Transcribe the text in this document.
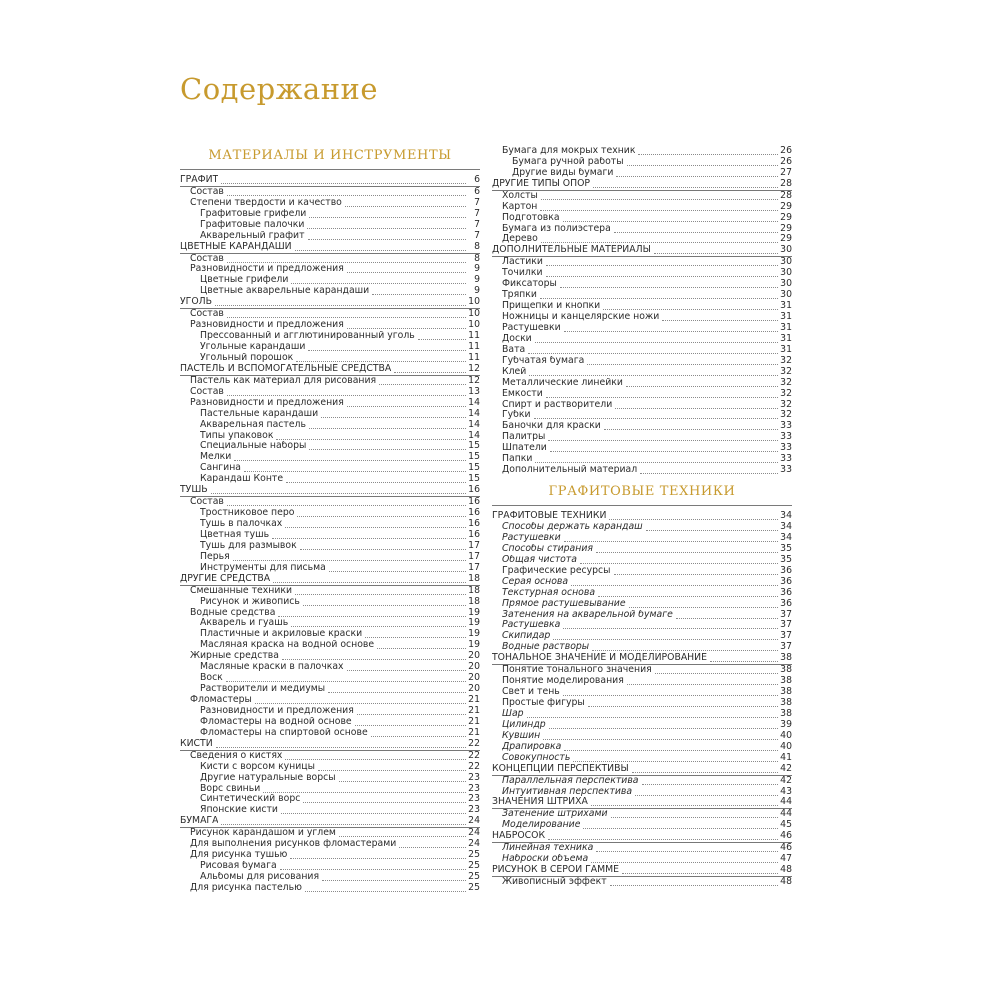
Содержание
МАТЕРИАЛЫ И ИНСТРУМЕНТЫ
ГРАФИТ	6
Состав	6
Степени твердости и качество	7
Графитовые грифели	7
Графитовые палочки	7
Акварельный графит	7
ЦВЕТНЫЕ КАРАНДАШИ	8
Состав	8
Разновидности и предложения	9
Цветные грифели	9
Цветные акварельные карандаши	9
УГОЛЬ	10
Состав	10
Разновидности и предложения	10
Прессованный и агглютинированный уголь	11
Угольные карандаши	11
Угольный порошок	11
ПАСТЕЛЬ И ВСПОМОГАТЕЛЬНЫЕ СРЕДСТВА	12
Пастель как материал для рисования	12
Состав	13
Разновидности и предложения	14
Пастельные карандаши	14
Акварельная пастель	14
Типы упаковок	14
Специальные наборы	15
Мелки	15
Сангина	15
Карандаш Конте	15
ТУШЬ	16
Состав	16
Тростниковое перо	16
Тушь в палочках	16
Цветная тушь	16
Тушь для размывок	17
Перья	17
Инструменты для письма	17
ДРУГИЕ СРЕДСТВА	18
Смешанные техники	18
Рисунок и живопись	18
Водные средства	19
Акварель и гуашь	19
Пластичные и акриловые краски	19
Масляная краска на водной основе	19
Жирные средства	20
Масляные краски в палочках	20
Воск	20
Растворители и медиумы	20
Фломастеры	21
Разновидности и предложения	21
Фломастеры на водной основе	21
Фломастеры на спиртовой основе	21
КИСТИ	22
Сведения о кистях	22
Кисти с ворсом куницы	22
Другие натуральные ворсы	23
Ворс свиньи	23
Синтетический ворс	23
Японские кисти	23
БУМАГА	24
Рисунок карандашом и углем	24
Для выполнения рисунков фломастерами	24
Для рисунка тушью	25
Рисовая бумага	25
Альбомы для рисования	25
Для рисунка пастелью	25
Бумага для мокрых техник	26
Бумага ручной работы	26
Другие виды бумаги	27
ДРУГИЕ ТИПЫ ОПОР	28
Холсты	28
Картон	29
Подготовка	29
Бумага из полиэстера	29
Дерево	29
ДОПОЛНИТЕЛЬНЫЕ МАТЕРИАЛЫ	30
Ластики	30
Точилки	30
Фиксаторы	30
Тряпки	30
Прищепки и кнопки	31
Ножницы и канцелярские ножи	31
Растушевки	31
Доски	31
Вата	31
Губчатая бумага	32
Клей	32
Металлические линейки	32
Емкости	32
Спирт и растворители	32
Губки	32
Баночки для краски	33
Палитры	33
Шпатели	33
Папки	33
Дополнительный материал	33
ГРАФИТОВЫЕ ТЕХНИКИ
ГРАФИТОВЫЕ ТЕХНИКИ	34
Способы держать карандаш	34
Растушевки	34
Способы стирания	35
Общая чистота	35
Графические ресурсы	36
Серая основа	36
Текстурная основа	36
Прямое растушевывание	36
Затенения на акварельной бумаге	37
Растушевка	37
Скипидар	37
Водные растворы	37
ТОНАЛЬНОЕ ЗНАЧЕНИЕ И МОДЕЛИРОВАНИЕ	38
Понятие тонального значения	38
Понятие моделирования	38
Свет и тень	38
Простые фигуры	38
Шар	38
Цилиндр	39
Кувшин	40
Драпировка	40
Совокупность	41
КОНЦЕПЦИИ ПЕРСПЕКТИВЫ	42
Параллельная перспектива	42
Интуитивная перспектива	43
ЗНАЧЕНИЯ ШТРИХА	44
Затенение штрихами	44
Моделирование	45
НАБРОСОК	46
Линейная техника	46
Наброски объема	47
РИСУНОК В СЕРОЙ ГАММЕ	48
Живописный эффект	48
